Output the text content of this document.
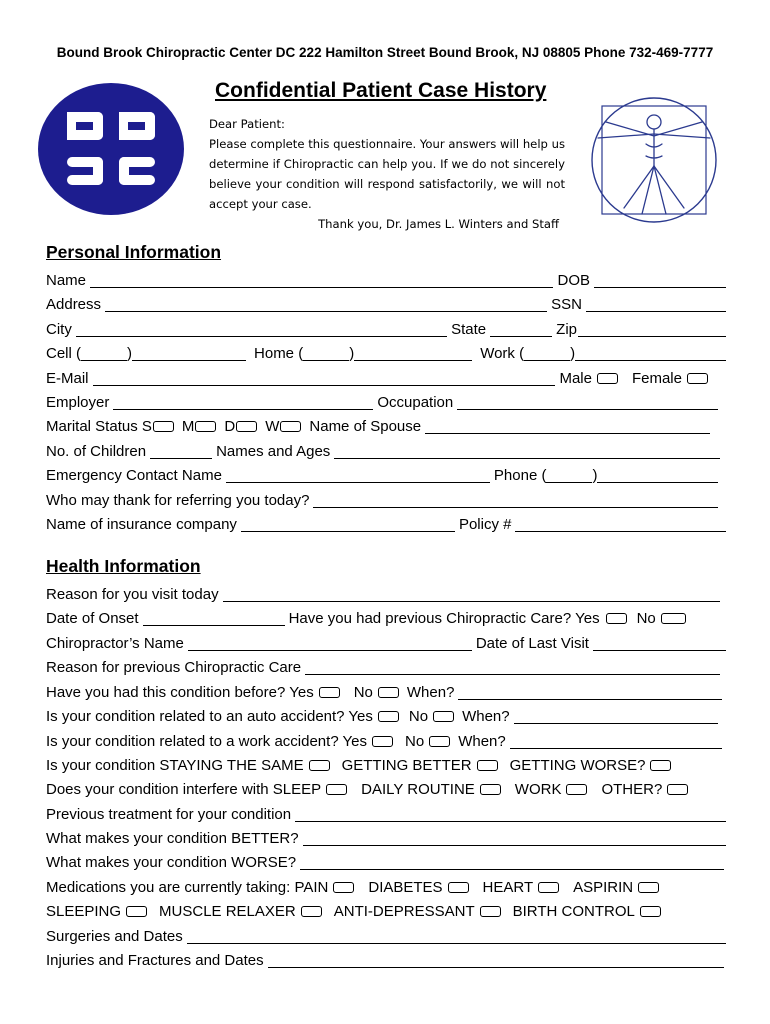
Bound Brook Chiropractic Center DC 222 Hamilton Street Bound Brook, NJ 08805 Phone 732-469-7777
Confidential Patient Case History
Dear Patient:
Please complete this questionnaire. Your answers will help us determine if Chiropractic can help you. If we do not sincerely believe your condition will respond satisfactorily, we will not accept your case.
Thank you, Dr. James L. Winters and Staff
Personal Information
Name	DOB
Address	SSN
City	State	Zip
Cell (	)	Home (	)	Work (	)
E-Mail	Male	Female
Employer	Occupation
Marital Status S M D W Name of Spouse
No. of Children	Names and Ages
Emergency Contact Name	Phone (	)
Who may thank for referring you today?
Name of insurance company	Policy #
Health Information
Reason for you visit today
Date of Onset	Have you had previous Chiropractic Care? Yes No
Chiropractor’s Name	Date of Last Visit
Reason for previous Chiropractic Care
Have you had this condition before? Yes	No When?
Is your condition related to an auto accident? Yes No When?
Is your condition related to a work accident? Yes	No When?
Is your condition STAYING THE SAME	GETTING BETTER	GETTING WORSE?
Does your condition interfere with SLEEP	DAILY ROUTINE	WORK	OTHER?
Previous treatment for your condition
What makes your condition BETTER?
What makes your condition WORSE?
Medications you are currently taking: PAIN	DIABETES	HEART	ASPIRIN
SLEEPING	MUSCLE RELAXER	ANTI-DEPRESSANT	BIRTH CONTROL
Surgeries and Dates
Injuries and Fractures and Dates
